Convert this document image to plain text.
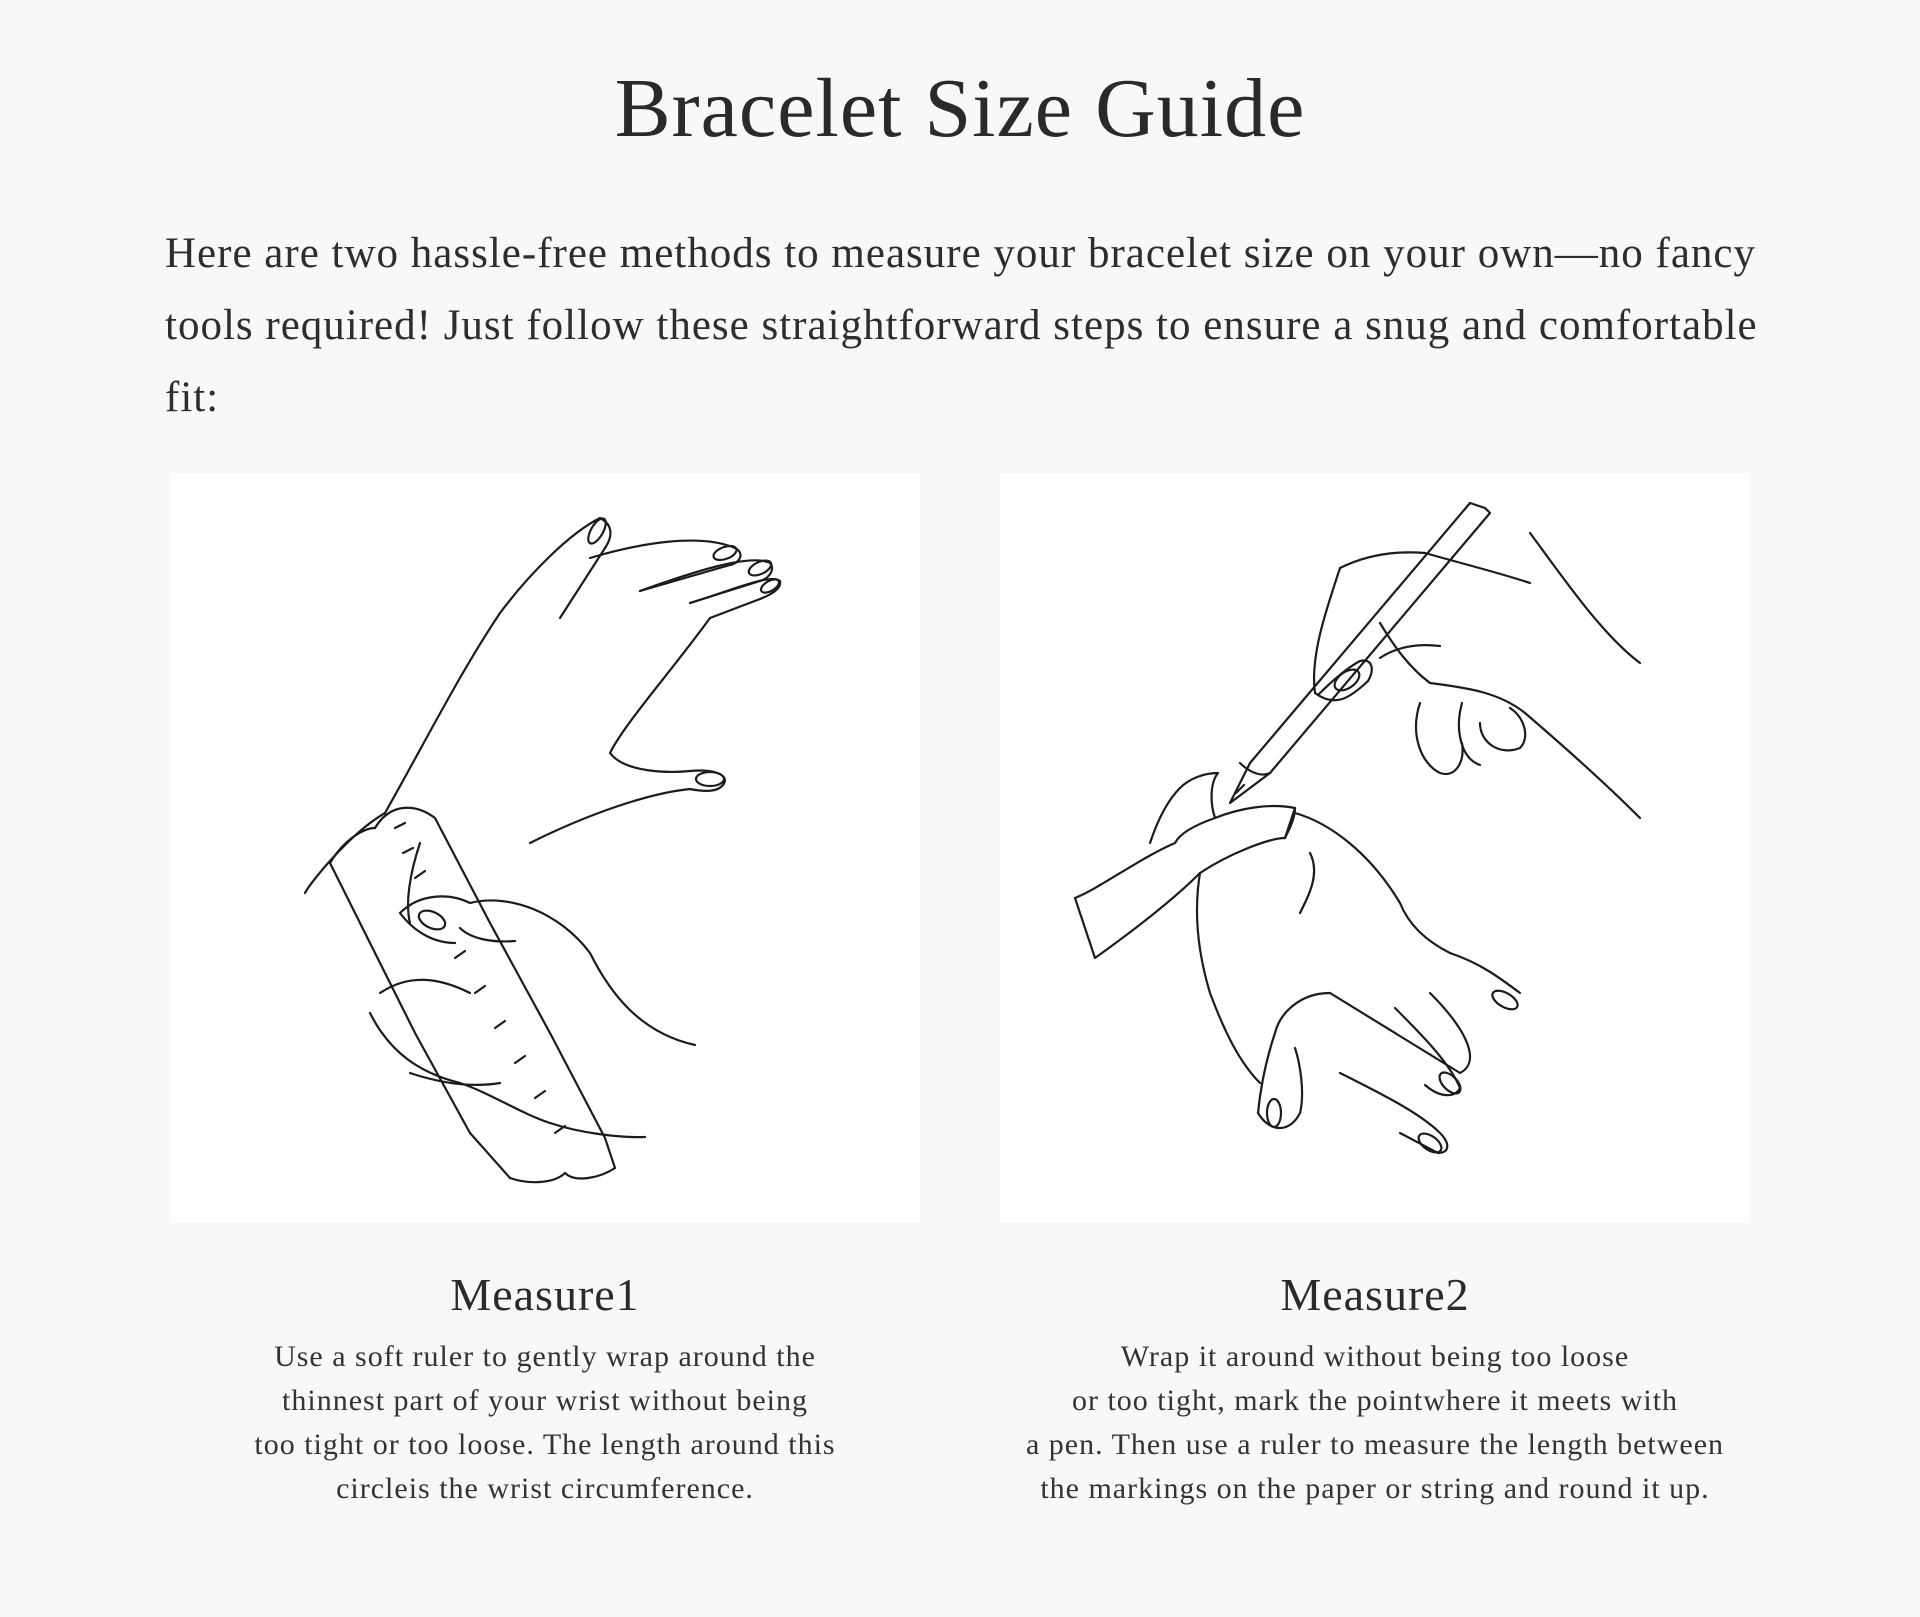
Bracelet Size Guide

Here are two hassle-free methods to measure your bracelet size on your own—no fancy tools required! Just follow these straightforward steps to ensure a snug and comfortable fit:

Measure1

Use a soft ruler to gently wrap around the
thinnest part of your wrist without being
too tight or too loose. The length around this
circleis the wrist circumference.

Measure2

Wrap it around without being too loose
or too tight, mark the pointwhere it meets with
a pen. Then use a ruler to measure the length between
the markings on the paper or string and round it up.
